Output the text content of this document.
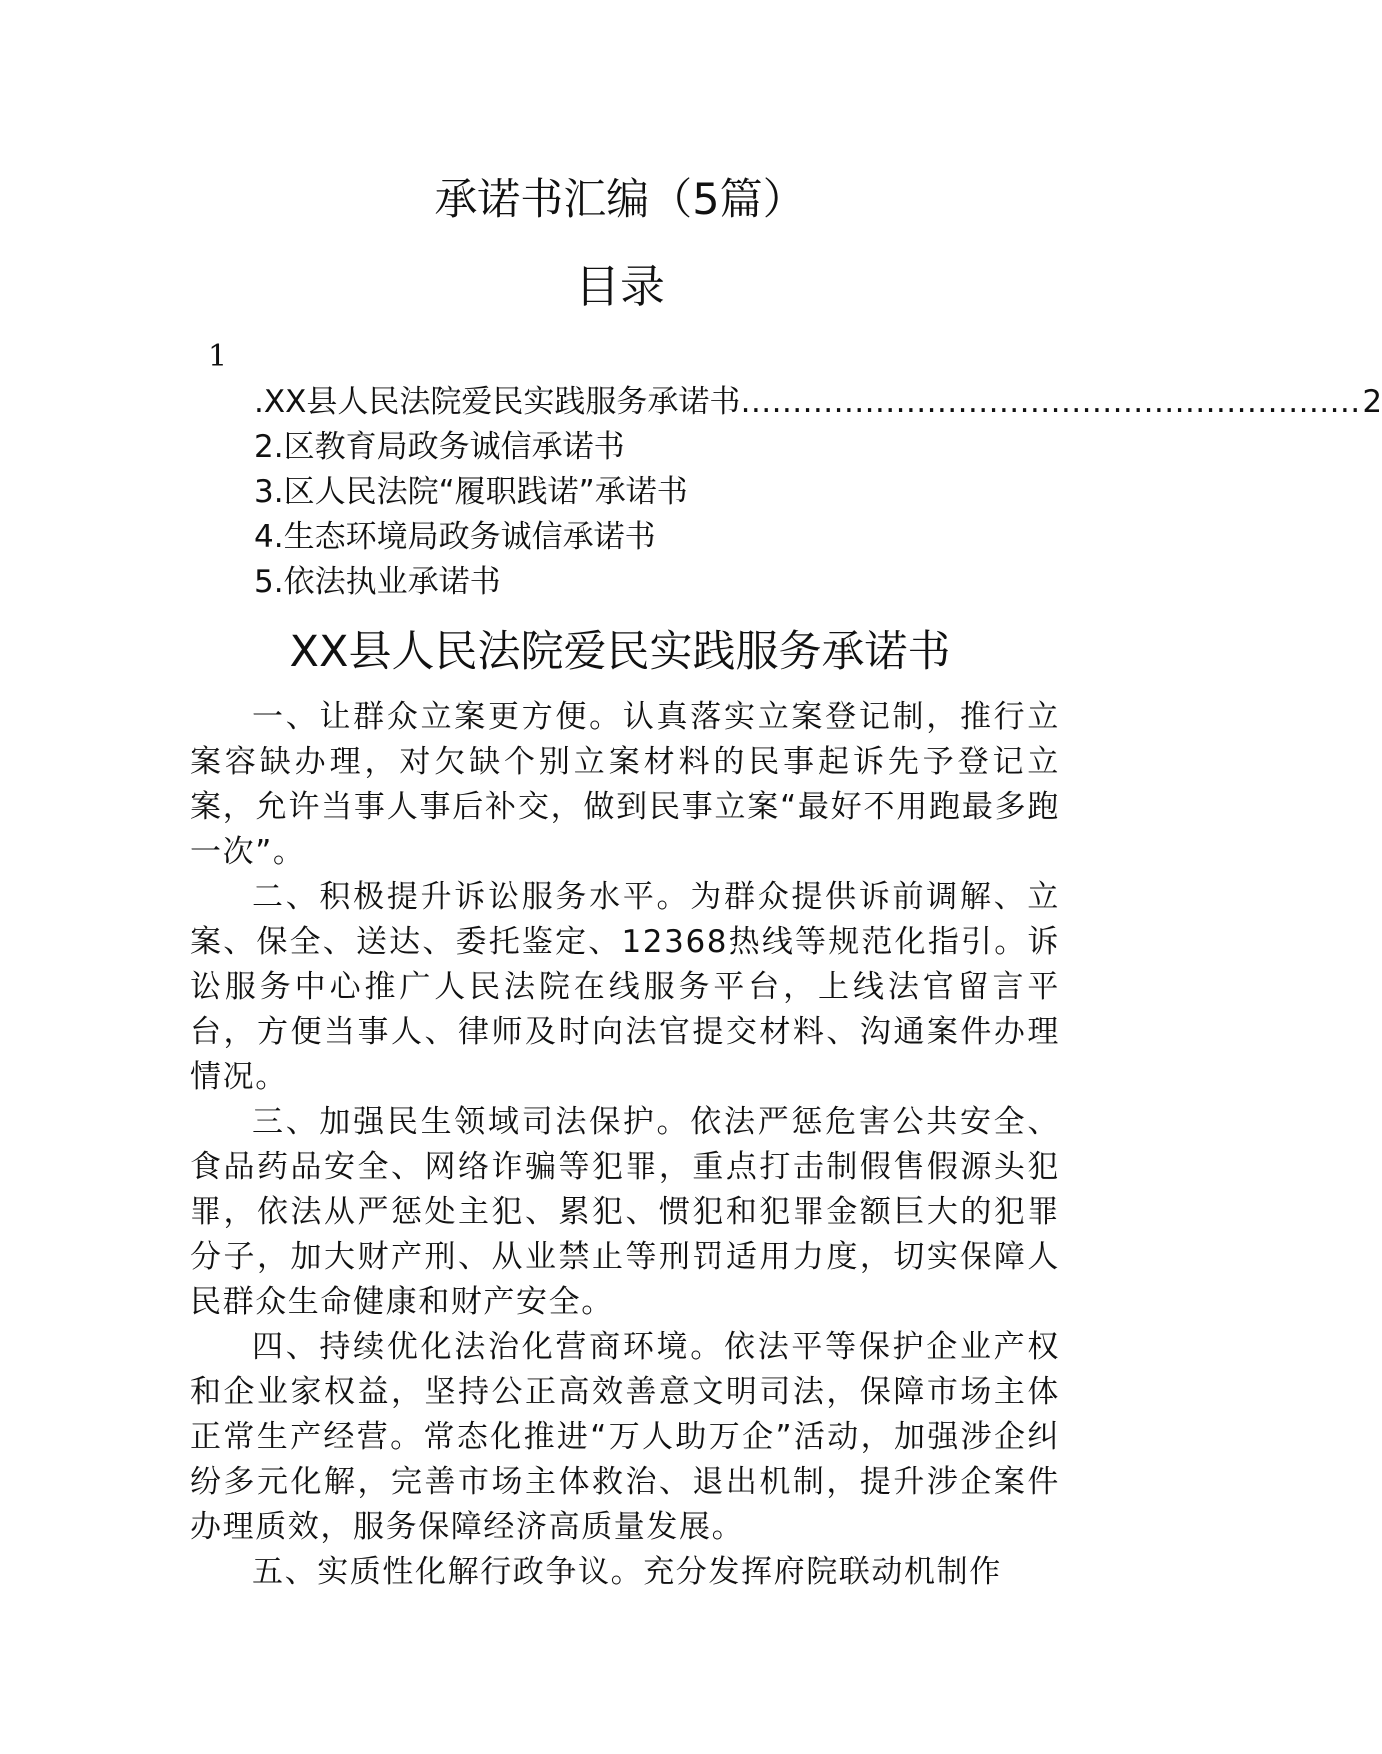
承诺书汇编（5篇）
目录
1
.XX县人民法院爱民实践服务承诺书 …………………………………………………… 2
2.区教育局政务诚信承诺书
3.区人民法院“履职践诺”承诺书
4.生态环境局政务诚信承诺书
5.依法执业承诺书
XX县人民法院爱民实践服务承诺书

一、让群众立案更方便。认真落实立案登记制，推行立案容缺办理，对欠缺个别立案材料的民事起诉先予登记立案，允许当事人事后补交，做到民事立案“最好不用跑最多跑一次”。

二、积极提升诉讼服务水平。为群众提供诉前调解、立案、保全、送达、委托鉴定、12368热线等规范化指引。诉讼服务中心推广人民法院在线服务平台，上线法官留言平台，方便当事人、律师及时向法官提交材料、沟通案件办理情况。

三、加强民生领域司法保护。依法严惩危害公共安全、食品药品安全、网络诈骗等犯罪，重点打击制假售假源头犯罪，依法从严惩处主犯、累犯、惯犯和犯罪金额巨大的犯罪分子，加大财产刑、从业禁止等刑罚适用力度，切实保障人民群众生命健康和财产安全。

四、持续优化法治化营商环境。依法平等保护企业产权和企业家权益，坚持公正高效善意文明司法，保障市场主体正常生产经营。常态化推进“万人助万企”活动，加强涉企纠纷多元化解，完善市场主体救治、退出机制，提升涉企案件办理质效，服务保障经济高质量发展。

五、实质性化解行政争议。充分发挥府院联动机制作
